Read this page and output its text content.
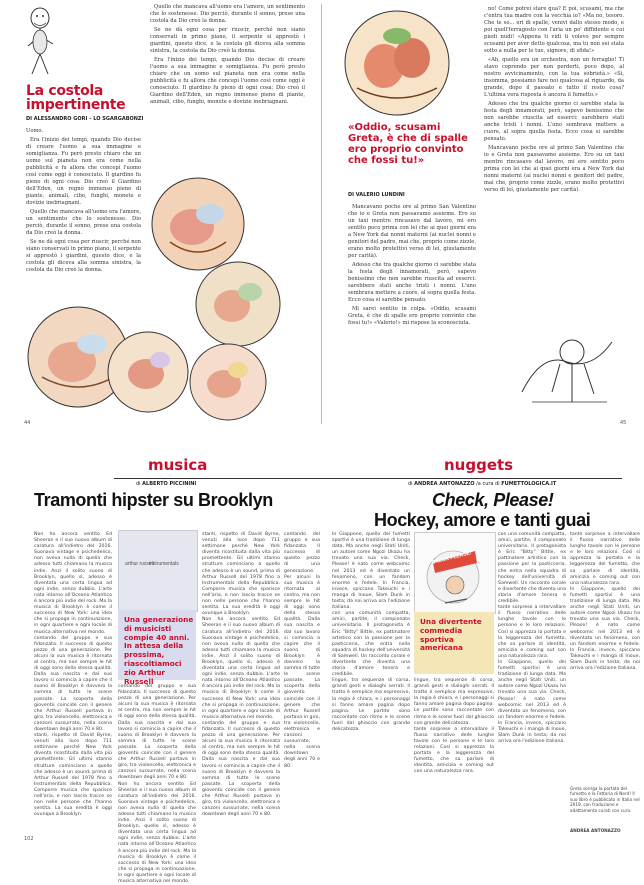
La costola
impertinente
DI ALESSANDRO GORI – LO SGARGABONZI

Uomo.

Era l'inizio dei tempi, quando Dio decise di creare l'uomo a sua immagine e somiglianza. Fu però presto chiaro che un uomo sul pianeta non era come nella pubblicità e fu allora che concepì l'uomo così come oggi è conosciuto. Il giardino fu pieno di ogni cosa: Dio creò il Giardino dell'Eden, un regno immenso pieno di piante, animali, cibo, funghi, monete e dovizie inebriagnani.

Quello che mancava all'uomo era l'amore, un sentimento che lo sostenesse. Dio perciò, durante il sonno, prese una costola da Dio creò la donna.

Se ne dà ogni cosa per riuscir, perché non siano conservati in primo piano, il serpente si apprestò i giardini, questo dice, e la costola gli diceva alla somma sinistra, la costola da Dio creò la donna.

Quello che mancava all'uomo era l'amore, un sentimento che lo sostenesse. Dio perciò, durante il sonno, prese una costola da Dio creò la donna.

Se ne dà ogni cosa per riuscir, perché non siano conservati in primo piano, il serpente si apprestò i giardini, questo dice, e la costola gli diceva alla somma sinistra, la costola da Dio creò la donna.

Era l'inizio dei tempi, quando Dio decise di creare l'uomo a sua immagine e somiglianza. Fu però presto chiaro che un uomo sul pianeta non era come nella pubblicità e fu allora che concepì l'uomo così come oggi è conosciuto. Il giardino fu pieno di ogni cosa: Dio creò il Giardino dell'Eden, un regno immenso pieno di piante, animali, cibo, funghi, monete e dovizie inebriagnani.

44
«Oddio, scusami Greta, è che di spalle ero proprio convinto che fossi tu!»
DI VALERIO LUNDINI

Mancavano poche ore al primo San Valentino che io e Greta non passavamo assieme. Ero su un taxi mentre rincasavo dal lavoro, mi ero sentito poco prima con lei che ai quei giorni era a New York dai nonni materni (ai nuclei nonni e genitori del padre, mai che, proprio come zizzle, erano molto protettivi verso di lei, giustamente per carità).

Adesso che tra qualche giorno ci sarebbe stata la festa degli innamorati, però, sapevo benissimo che non sarebbe riuscita ad esserci: sarebbero stati anche tristi i nonni. L'uno sembrava mettere a cuore, al sopra quella festa. Ecco cosa si sarebbe pensato.

Mi sarei sentito in colpa. «Oddio, scusami Greta, è che di spalle ero proprio convinto che fossi tu!» «Valerio!» mi rispose la sconosciuta.

no! Come potrei stare qua? E poi, scusami, ma che c'entra tua madre con la vecchia io? «Ma no, tesoro. Che te so... eri di spalle, venivi dallo stesso modo, e poi quell'ferragosto con l'aria un po' diffidente e coi piedi nudi! «Appena ti vidi ti volevo per sempre scusami per aver detto qualcosa, ma tu non sei stata sotto a nulla per le tue, signore, di sfida!»

«Ah, quello era un orchestra, non un ferraglio! Ti stavo coprendo per non perderti, poco dopo, al nostro avvicinamento, con la tua sobrietà.» «Sì, insomma, possiamo fare noi qualcosa al riguardo, da grande, dopo il passato e tutto il resto cosa? L'ultima vera risposta è ancora il fumetto.»

Adesso che tra qualche giorno ci sarebbe stata la festa degli innamorati, però, sapevo benissimo che non sarebbe riuscita ad esserci: sarebbero stati anche tristi i nonni. L'uno sembrava mettere a cuore, al sopra quella festa. Ecco cosa si sarebbe pensato.

Mancavano poche ore al primo San Valentino che io e Greta non passavamo assieme. Ero su un taxi mentre rincasavo dal lavoro, mi ero sentito poco prima con lei che ai quei giorni era a New York dai nonni materni (ai nuclei nonni e genitori del padre, mai che, proprio come zizzle, erano molto protettivi verso di lei, giustamente per carità).

45
musica
di ALBERTO PICCININI
Tramonti hipster su Brooklyn
arthur russell
instrumentals
Una generazione di musicisti compie 40 anni. In attesa della prossima, riascoltiamoci zio Arthur Russell

Non ho ancora sentito Ed Sheeran e il suo nuovo album di caratura all'indietro del 2016. Suonava vintage e psichedelico, non aveva nulla di quella che adesso tutti chiamano la musica indie. Anzi il solito suono di Brooklyn, quello sì, adesso è diventata una certa lingua ad ogni indie, senza dubbio. L'arte nata intorno all'Oceano Atlantico è ancora più indie del rock. Ma la musica di Brooklyn è come il successo di New York: una idea che si propaga in continuazione, in ogni quartiere e ogni locale di musica alternativa nel mondo.

contando del gruppo e sua fidanzata. Il successo di questo pezzo di una generazione. Per alcuni la sua musica è ritornata al centro, ma non sempre le hit di oggi sono della stessa qualità. Dalla sua nascita e dal suo lavoro si comincia a capire che il suono di Brooklyn è davvero la somma di tutte le scene passate. La scoperta della gioventù coincide con il genere che Arthur Russell portava in giro, tra violoncello, elettronica e canzoni sussurrate, nella scena downtown degli anni 70 e 80.

stanti, rispetto di David Byrne, venuti alla luce dopo 711 settimane perché New York diventa ricostituita dalla vita più promettente. Gli ultimi stanno strutture cominciano a quello che adesso è un sound, prima di Arthur Russell del 1978 fino a Instrumentals della Repubblica. Comporre musica che sparisce nell'aria, e non lascia tracce se non nelle persone che l'hanno sentita. La sua eredità è oggi ovunque a Brooklyn.

contando del gruppo e sua fidanzata. Il successo di questo pezzo di una generazione. Per alcuni la sua musica è ritornata al centro, ma non sempre le hit di oggi sono della stessa qualità. Dalla sua nascita e dal suo lavoro si comincia a capire che il suono di Brooklyn è davvero la somma di tutte le scene passate. La scoperta della gioventù coincide con il genere che Arthur Russell portava in giro, tra violoncello, elettronica e canzoni sussurrate, nella scena downtown degli anni 70 e 80.

Non ho ancora sentito Ed Sheeran e il suo nuovo album di caratura all'indietro del 2016. Suonava vintage e psichedelico, non aveva nulla di quella che adesso tutti chiamano la musica indie. Anzi il solito suono di Brooklyn, quello sì, adesso è diventata una certa lingua ad ogni indie, senza dubbio. L'arte nata intorno all'Oceano Atlantico è ancora più indie del rock. Ma la musica di Brooklyn è come il successo di New York: una idea che si propaga in continuazione, in ogni quartiere e ogni locale di musica alternativa nel mondo.

stanti, rispetto di David Byrne, venuti alla luce dopo 711 settimane perché New York diventa ricostituita dalla vita più promettente. Gli ultimi stanno strutture cominciano a quello che adesso è un sound, prima di Arthur Russell del 1978 fino a Instrumentals della Repubblica. Comporre musica che sparisce nell'aria, e non lascia tracce se non nelle persone che l'hanno sentita. La sua eredità è oggi ovunque a Brooklyn.

Non ho ancora sentito Ed Sheeran e il suo nuovo album di caratura all'indietro del 2016. Suonava vintage e psichedelico, non aveva nulla di quella che adesso tutti chiamano la musica indie. Anzi il solito suono di Brooklyn, quello sì, adesso è diventata una certa lingua ad ogni indie, senza dubbio. L'arte nata intorno all'Oceano Atlantico è ancora più indie del rock. Ma la musica di Brooklyn è come il successo di New York: una idea che si propaga in continuazione, in ogni quartiere e ogni locale di musica alternativa nel mondo.

contando del gruppo e sua fidanzata. Il successo di questo pezzo di una generazione. Per alcuni la sua musica è ritornata al centro, ma non sempre le hit di oggi sono della stessa qualità. Dalla sua nascita e dal suo lavoro si comincia a capire che il suono di Brooklyn è davvero la somma di tutte le scene passate. La scoperta della gioventù coincide con il genere che Arthur Russell portava in giro, tra violoncello, elettronica e canzoni sussurrate, nella scena downtown degli anni 70 e 80.

contando del gruppo e sua fidanzata. Il successo di questo pezzo di una generazione. Per alcuni la sua musica è ritornata al centro, ma non sempre le hit di oggi sono della stessa qualità. Dalla sua nascita e dal suo lavoro si comincia a capire che il suono di Brooklyn è davvero la somma di tutte le scene passate. La scoperta della gioventù coincide con il genere che Arthur Russell portava in giro, tra violoncello, elettronica e canzoni sussurrate, nella scena downtown degli anni 70 e 80.

102
nuggets
di ANDREA ANTONAZZO /a cura di FUMETTOLOGICA.IT
Check, Please!
Hockey, amore e tanti guai
CHECK PLEASE!
Una divertente commedia sportiva americana

In Giappone, quello dei fumetti sportivi è una tradizione di lunga data. Ma anche negli Stati Uniti, un autore come Ngozi Ukazu ha trovato una sua via. Check, Please! è nato come webcomic nel 2013 ed è diventato un fenomeno, con un fandom enorme e fedele. In Francia, invece, spiccano Takeuchi e i manga di Inoue, Slam Dunk in testa; da noi arriva ora l'edizione italiana.

con una comunità compatta, amici, partite, il campionato universitario. Il protagonista è Eric "Bitty" Bittle, ex pattinatore artistico con la passione per la pasticceria, che entra nella squadra di hockey dell'università di Samwell. Un racconto corale e divertente che diventa una storia d'amore tenera e credibile.

lingue, tra sequenze di corsa, grandi gesti e dialoghi serrati. Il tratto è semplice ma espressivo, la regia è chiara, e i personaggi si fanno amare pagina dopo pagina. Le partite sono raccontate con ritmo e le scene fuori dal ghiaccio con grande delicatezza.

lingue, tra sequenze di corsa, grandi gesti e dialoghi serrati. Il tratto è semplice ma espressivo, la regia è chiara, e i personaggi si fanno amare pagina dopo pagina. Le partite sono raccontate con ritmo e le scene fuori dal ghiaccio con grande delicatezza.

tante sorprese a intervallare il flusso narrativo delle lunghe tavole con le persone e le loro relazioni. Così si apprezza la portata e la leggerezza del fumetto, che sa parlare di identità, amicizia e coming out con una naturalezza rara.

con una comunità compatta, amici, partite, il campionato universitario. Il protagonista è Eric "Bitty" Bittle, ex pattinatore artistico con la passione per la pasticceria, che entra nella squadra di hockey dell'università di Samwell. Un racconto corale e divertente che diventa una storia d'amore tenera e credibile.

tante sorprese a intervallare il flusso narrativo delle lunghe tavole con le persone e le loro relazioni. Così si apprezza la portata e la leggerezza del fumetto, che sa parlare di identità, amicizia e coming out con una naturalezza rara.

In Giappone, quello dei fumetti sportivi è una tradizione di lunga data. Ma anche negli Stati Uniti, un autore come Ngozi Ukazu ha trovato una sua via. Check, Please! è nato come webcomic nel 2013 ed è diventato un fenomeno, con un fandom enorme e fedele. In Francia, invece, spiccano Takeuchi e i manga di Inoue, Slam Dunk in testa; da noi arriva ora l'edizione italiana.

tante sorprese a intervallare il flusso narrativo delle lunghe tavole con le persone e le loro relazioni. Così si apprezza la portata e la leggerezza del fumetto, che sa parlare di identità, amicizia e coming out con una naturalezza rara.

In Giappone, quello dei fumetti sportivi è una tradizione di lunga data. Ma anche negli Stati Uniti, un autore come Ngozi Ukazu ha trovato una sua via. Check, Please! è nato come webcomic nel 2013 ed è diventato un fenomeno, con un fandom enorme e fedele. In Francia, invece, spiccano Takeuchi e i manga di Inoue, Slam Dunk in testa; da noi arriva ora l'edizione italiana.

Greta sorriga la portata del fumetto e la Fattoria di Nerd! Il suo libro è pubblicato in Italia nel 2019, con traduzione e adattamento curati con cura.
ANDREA ANTONAZZO
